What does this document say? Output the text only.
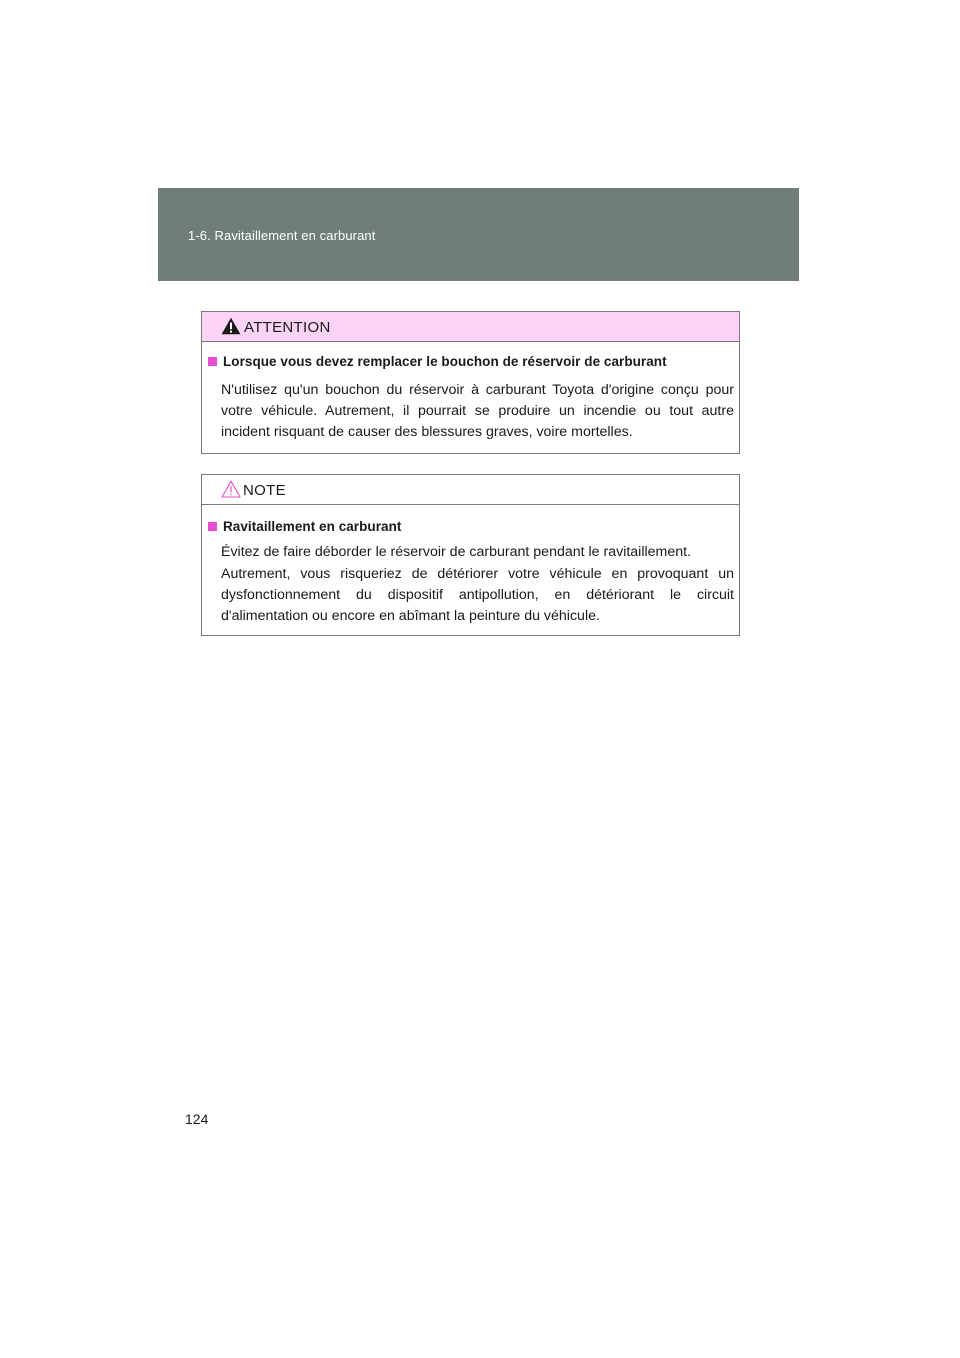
1-6. Ravitaillement en carburant
ATTENTION
Lorsque vous devez remplacer le bouchon de réservoir de carburant
N'utilisez qu'un bouchon du réservoir à carburant Toyota d'origine conçu pour votre véhicule. Autrement, il pourrait se produire un incendie ou tout autre incident risquant de causer des blessures graves, voire mortelles.
NOTE
Ravitaillement en carburant
Évitez de faire déborder le réservoir de carburant pendant le ravitaillement.
Autrement, vous risqueriez de détériorer votre véhicule en provoquant un dysfonctionnement du dispositif antipollution, en détériorant le circuit d'alimentation ou encore en abîmant la peinture du véhicule.
124
